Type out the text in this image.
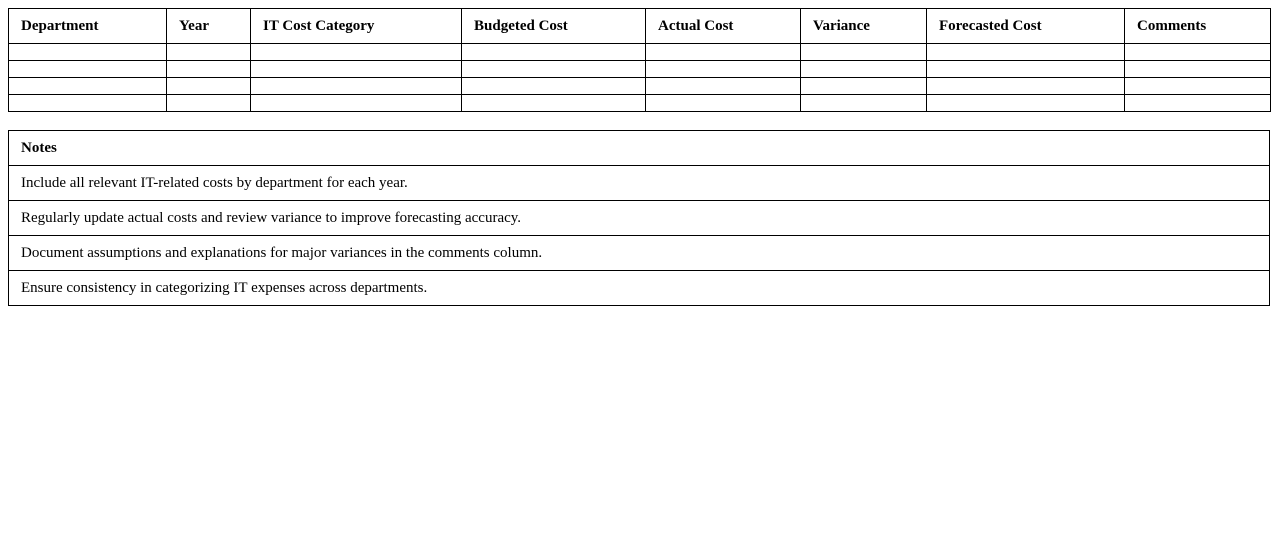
Department	Year	IT Cost Category	Budgeted Cost	Actual Cost	Variance	Forecasted Cost	Comments

Notes
Include all relevant IT-related costs by department for each year.
Regularly update actual costs and review variance to improve forecasting accuracy.
Document assumptions and explanations for major variances in the comments column.
Ensure consistency in categorizing IT expenses across departments.
